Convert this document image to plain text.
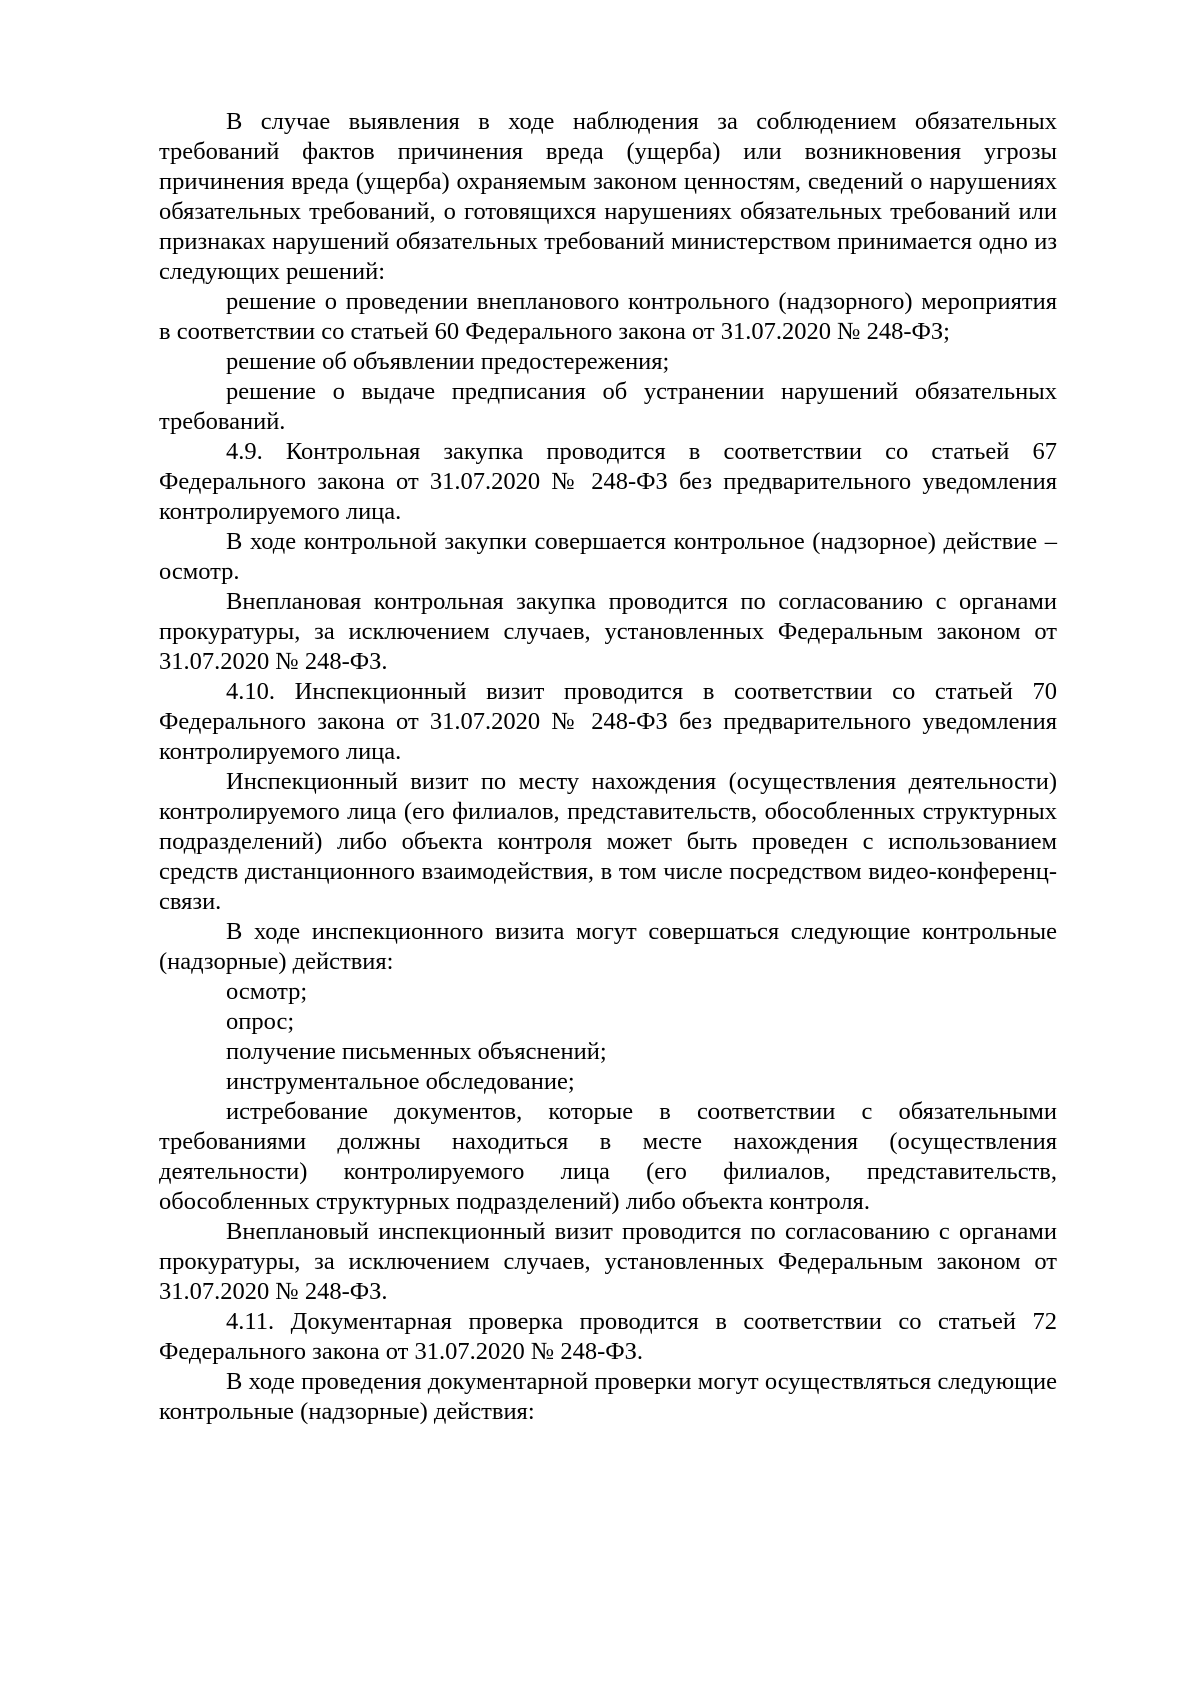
В случае выявления в ходе наблюдения за соблюдением обязательных требований фактов причинения вреда (ущерба) или возникновения угрозы причинения вреда (ущерба) охраняемым законом ценностям, сведений о нарушениях обязательных требований, о готовящихся нарушениях обязательных требований или признаках нарушений обязательных требований министерством принимается одно из следующих решений:

решение о проведении внепланового контрольного (надзорного) мероприятия в соответствии со статьей 60 Федерального закона от 31.07.2020 № 248-ФЗ;

решение об объявлении предостережения;

решение о выдаче предписания об устранении нарушений обязательных требований.

4.9. Контрольная закупка проводится в соответствии со статьей 67 Федерального закона от 31.07.2020 № 248-ФЗ без предварительного уведомления контролируемого лица.

В ходе контрольной закупки совершается контрольное (надзорное) действие – осмотр.

Внеплановая контрольная закупка проводится по согласованию с органами прокуратуры, за исключением случаев, установленных Федеральным законом от 31.07.2020 № 248-ФЗ.

4.10. Инспекционный визит проводится в соответствии со статьей 70 Федерального закона от 31.07.2020 № 248-ФЗ без предварительного уведомления контролируемого лица.

Инспекционный визит по месту нахождения (осуществления деятельности) контролируемого лица (его филиалов, представительств, обособленных структурных подразделений) либо объекта контроля может быть проведен с использованием средств дистанционного взаимодействия, в том числе посредством видео-конференц-связи.

В ходе инспекционного визита могут совершаться следующие контрольные (надзорные) действия:

осмотр;

опрос;

получение письменных объяснений;

инструментальное обследование;

истребование документов, которые в соответствии с обязательными требованиями должны находиться в месте нахождения (осуществления деятельности) контролируемого лица (его филиалов, представительств, обособленных структурных подразделений) либо объекта контроля.

Внеплановый инспекционный визит проводится по согласованию с органами прокуратуры, за исключением случаев, установленных Федеральным законом от 31.07.2020 № 248-ФЗ.

4.11. Документарная проверка проводится в соответствии со статьей 72 Федерального закона от 31.07.2020 № 248-ФЗ.

В ходе проведения документарной проверки могут осуществляться следующие контрольные (надзорные) действия:
